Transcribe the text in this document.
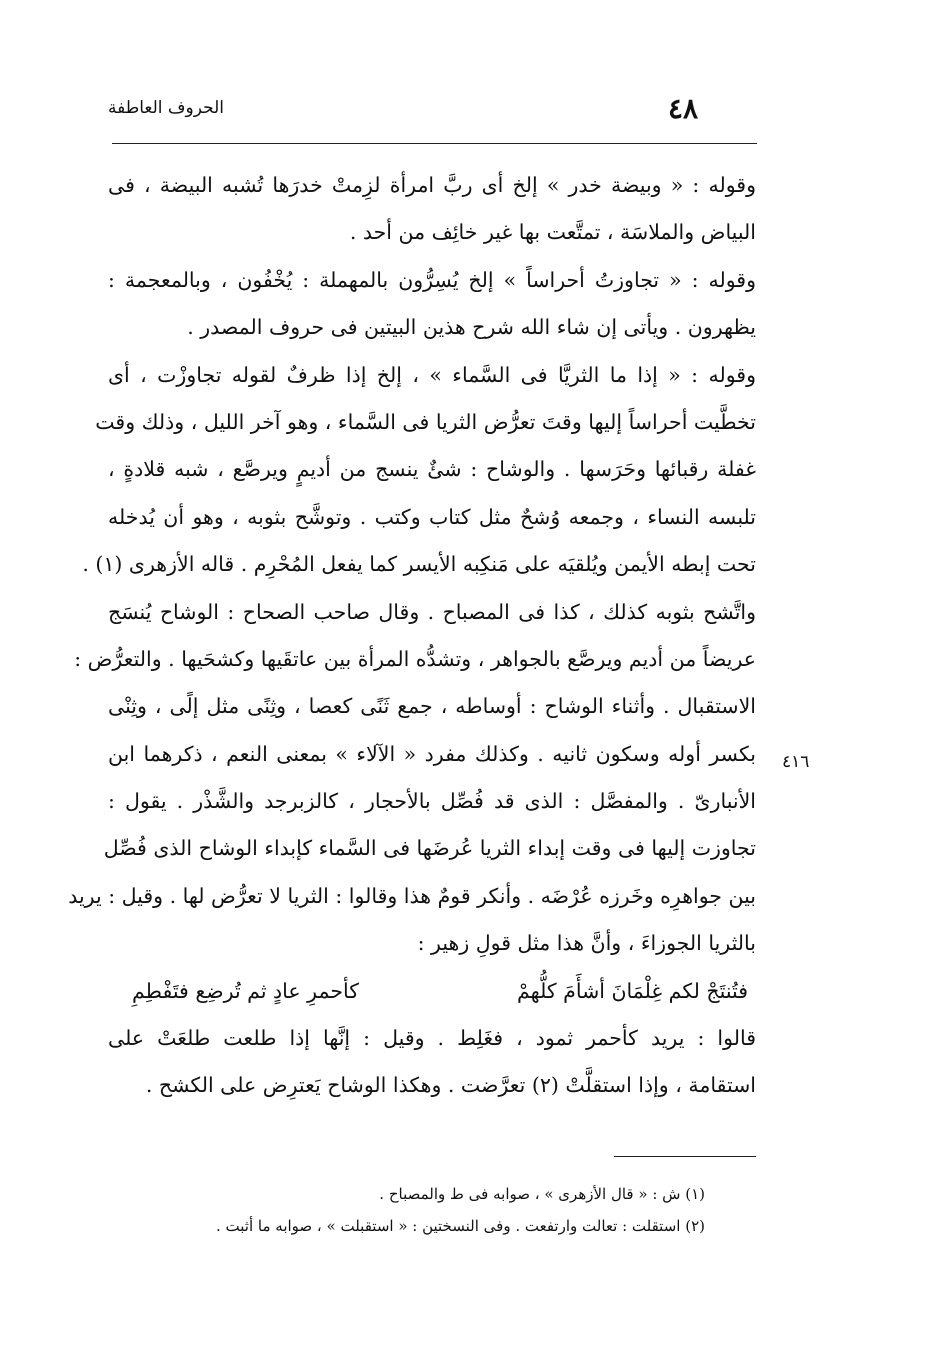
الحروف العاطفة	٤٨
وقوله : « وبيضة خدر » إلخ أى ربَّ امرأة لزِمتْ خدرَها تُشبه البيضة ، فى
البياض والملاسَة ، تمتَّعت بها غير خائِف من أحد .
وقوله : « تجاوزتُ أحراساً » إلخ يُسِرُّون بالمهملة : يُخْفُون ، وبالمعجمة :
يظهرون . ويأتى إن شاء الله شرح هذين البيتين فى حروف المصدر .
وقوله : « إذا ما الثريَّا فى السَّماء » ، إلخ إذا ظرفٌ لقوله تجاوزْت ، أى
تخطَّيت أحراساً إليها وقتَ تعرُّض الثريا فى السَّماء ، وهو آخر الليل ، وذلك وقت
غفلة رقبائها وحَرَسها . والوشاح : شئٌ ينسج من أديمٍ ويرصَّع ، شبه قلادةٍ ،
تلبسه النساء ، وجمعه وُشحٌ مثل كتاب وكتب . وتوشَّح بثوبه ، وهو أن يُدخله
تحت إبطه الأيمن ويُلقيَه على مَنكِبه الأيسر كما يفعل المُحْرِم . قاله الأزهرى (١) .
واتَّشح بثوبه كذلك ، كذا فى المصباح . وقال صاحب الصحاح : الوشاح يُنسَج
عريضاً من أديم ويرصَّع بالجواهر ، وتشدُّه المرأة بين عاتقَيها وكشحَيها . والتعرُّض :
الاستقبال . وأثناء الوشاح : أوساطه ، جمع ثَنًى كعصا ، وثِنًى مثل إلًى ، وثِنْى
بكسر أوله وسكون ثانيه . وكذلك مفرد « الآلاء » بمعنى النعم ، ذكرهما ابن
الأنبارىّ . والمفصَّل : الذى قد فُصِّل بالأحجار ، كالزبرجد والشَّذْر . يقول :
تجاوزت إليها فى وقت إبداء الثريا عُرضَها فى السَّماء كإبداء الوشاح الذى فُصِّل
بين جواهرِه وخَرزه عُرْضَه . وأنكر قومٌ هذا وقالوا : الثريا لا تعرُّض لها . وقيل : يريد
بالثريا الجوزاءَ ، وأنَّ هذا مثل قولِ زهير :
فتُنتَجْ لكم غِلْمَانَ أشأَمَ كلُّهمْ
كأحمرِ عادٍ ثم تُرضِع فتَفْطِمِ
قالوا : يريد كأحمر ثمود ، فغَلِط . وقيل : إنَّها إذا طلعت طلعَتْ على
استقامة ، وإذا استقلَّتْ (٢) تعرَّضت . وهكذا الوشاح يَعترِض على الكشح .
٤١٦
(١) ش : « قال الأزهرى » ، صوابه فى ط والمصباح .
(٢) استقلت : تعالت وارتفعت . وفى النسختين : « استقبلت » ، صوابه ما أثبت .
